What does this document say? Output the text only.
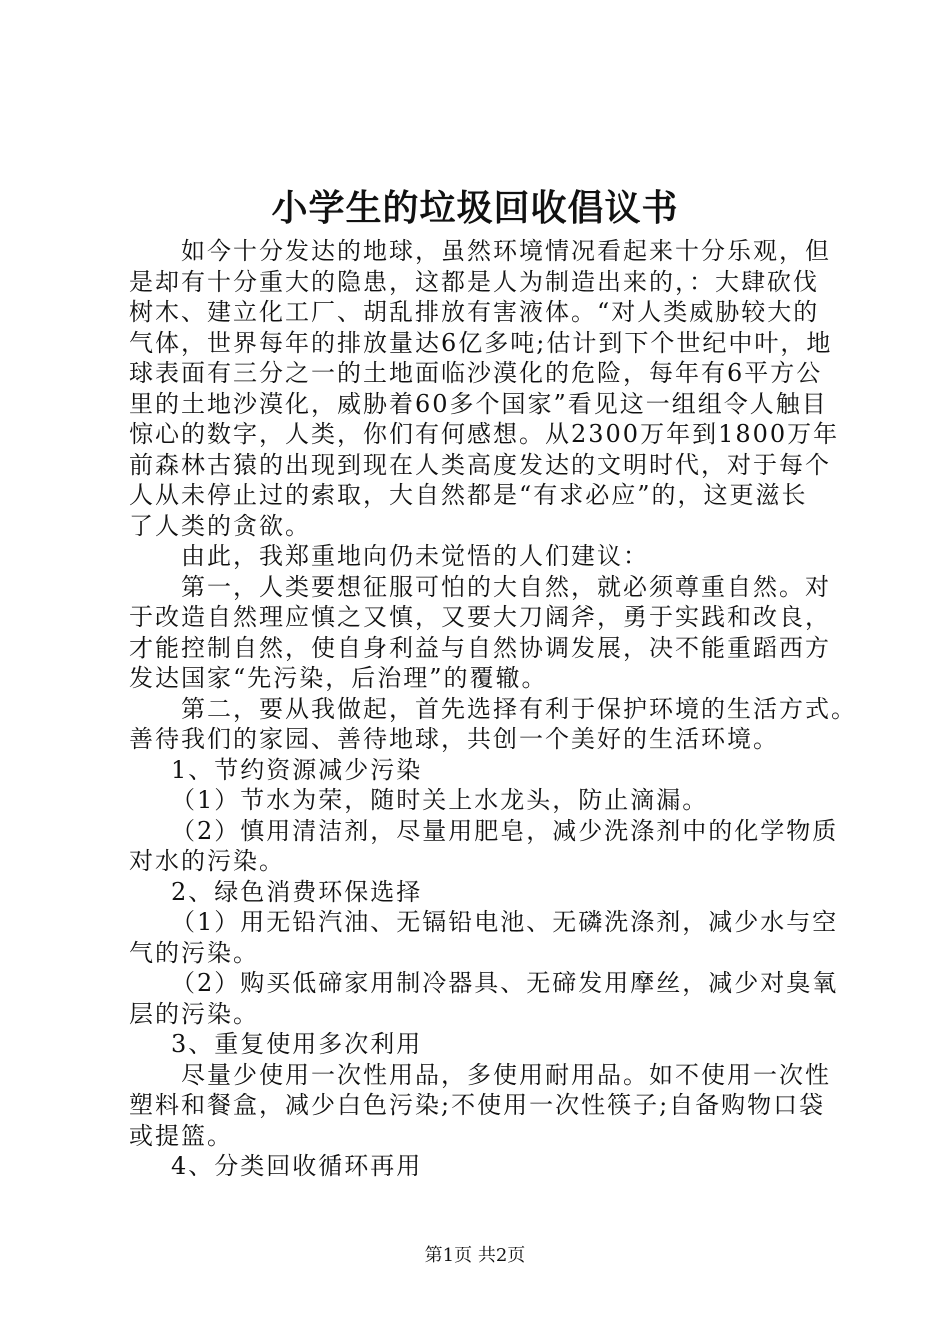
小学生的垃圾回收倡议书
如今十分发达的地球，虽然环境情况看起来十分乐观，但
是却有十分重大的隐患，这都是人为制造出来的，：大肆砍伐
树木、建立化工厂、胡乱排放有害液体。“对人类威胁较大的
气体，世界每年的排放量达6亿多吨;估计到下个世纪中叶，地
球表面有三分之一的土地面临沙漠化的危险，每年有6平方公
里的土地沙漠化，威胁着60多个国家”看见这一组组令人触目
惊心的数字，人类，你们有何感想。从2300万年到1800万年
前森林古猿的出现到现在人类高度发达的文明时代，对于每个
人从未停止过的索取，大自然都是“有求必应”的，这更滋长
了人类的贪欲。
由此，我郑重地向仍未觉悟的人们建议：
第一，人类要想征服可怕的大自然，就必须尊重自然。对
于改造自然理应慎之又慎，又要大刀阔斧，勇于实践和改良，
才能控制自然，使自身利益与自然协调发展，决不能重蹈西方
发达国家“先污染，后治理”的覆辙。
第二，要从我做起，首先选择有利于保护环境的生活方式。
善待我们的家园、善待地球，共创一个美好的生活环境。
1、节约资源减少污染
（1）节水为荣，随时关上水龙头，防止滴漏。
（2）慎用清洁剂，尽量用肥皂，减少洗涤剂中的化学物质
对水的污染。
2、绿色消费环保选择
（1）用无铅汽油、无镉铅电池、无磷洗涤剂，减少水与空
气的污染。
（2）购买低碲家用制冷器具、无碲发用摩丝，减少对臭氧
层的污染。
3、重复使用多次利用
尽量少使用一次性用品，多使用耐用品。如不使用一次性
塑料和餐盒，减少白色污染;不使用一次性筷子;自备购物口袋
或提篮。
4、分类回收循环再用
第1页 共2页
